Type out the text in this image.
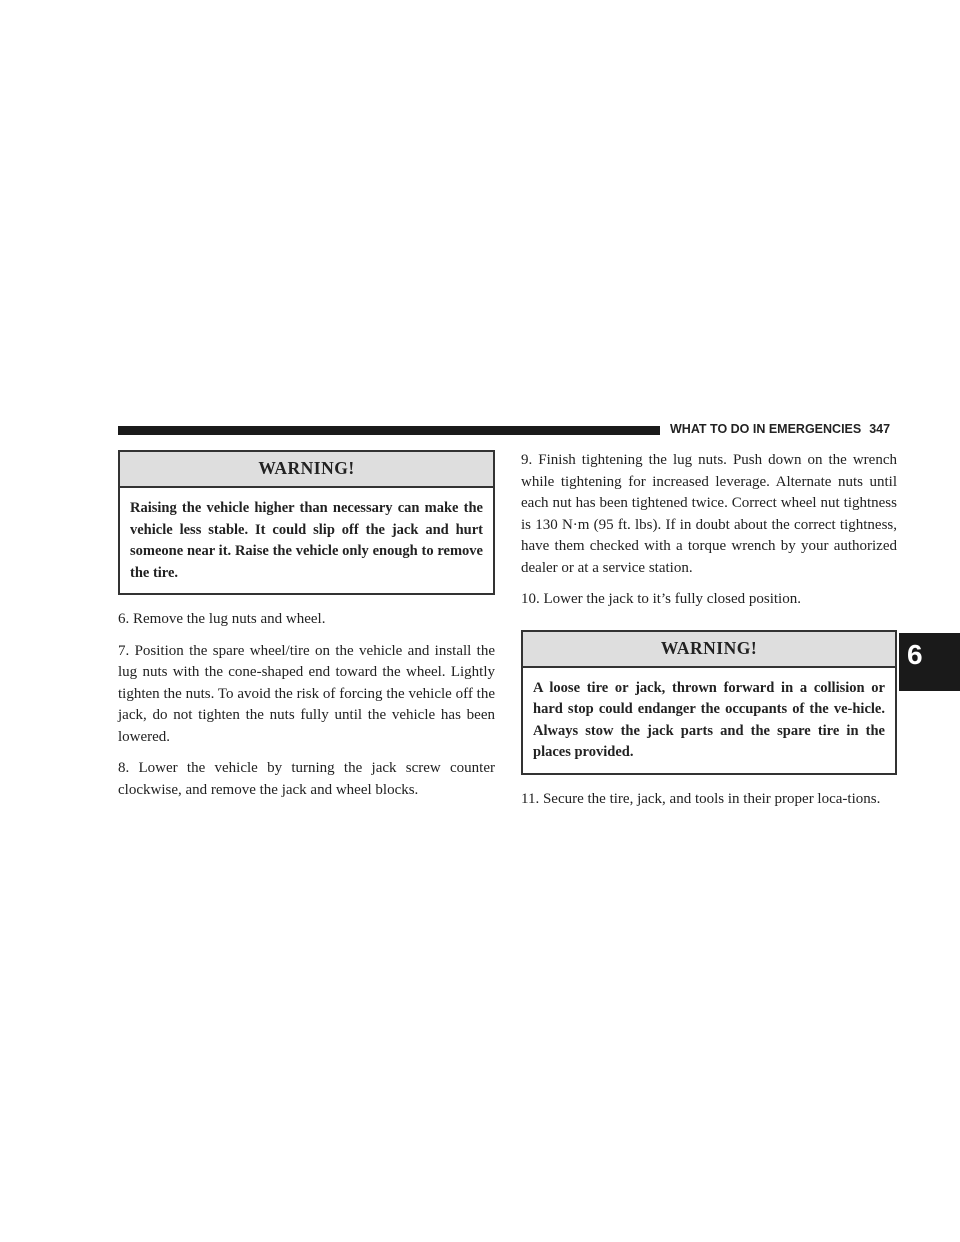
WHAT TO DO IN EMERGENCIES 347
6
WARNING!
Raising the vehicle higher than necessary can make the vehicle less stable. It could slip off the jack and hurt someone near it. Raise the vehicle only enough to remove the tire.

6. Remove the lug nuts and wheel.

7. Position the spare wheel/tire on the vehicle and install the lug nuts with the cone-shaped end toward the wheel. Lightly tighten the nuts. To avoid the risk of forcing the vehicle off the jack, do not tighten the nuts fully until the vehicle has been lowered.

8. Lower the vehicle by turning the jack screw counter clockwise, and remove the jack and wheel blocks.

9. Finish tightening the lug nuts. Push down on the wrench while tightening for increased leverage. Alternate nuts until each nut has been tightened twice. Correct wheel nut tightness is 130 N·m (95 ft. lbs). If in doubt about the correct tightness, have them checked with a torque wrench by your authorized dealer or at a service station.

10. Lower the jack to it’s fully closed position.

WARNING!
A loose tire or jack, thrown forward in a collision or hard stop could endanger the occupants of the ve-hicle. Always stow the jack parts and the spare tire in the places provided.

11. Secure the tire, jack, and tools in their proper loca-tions.
